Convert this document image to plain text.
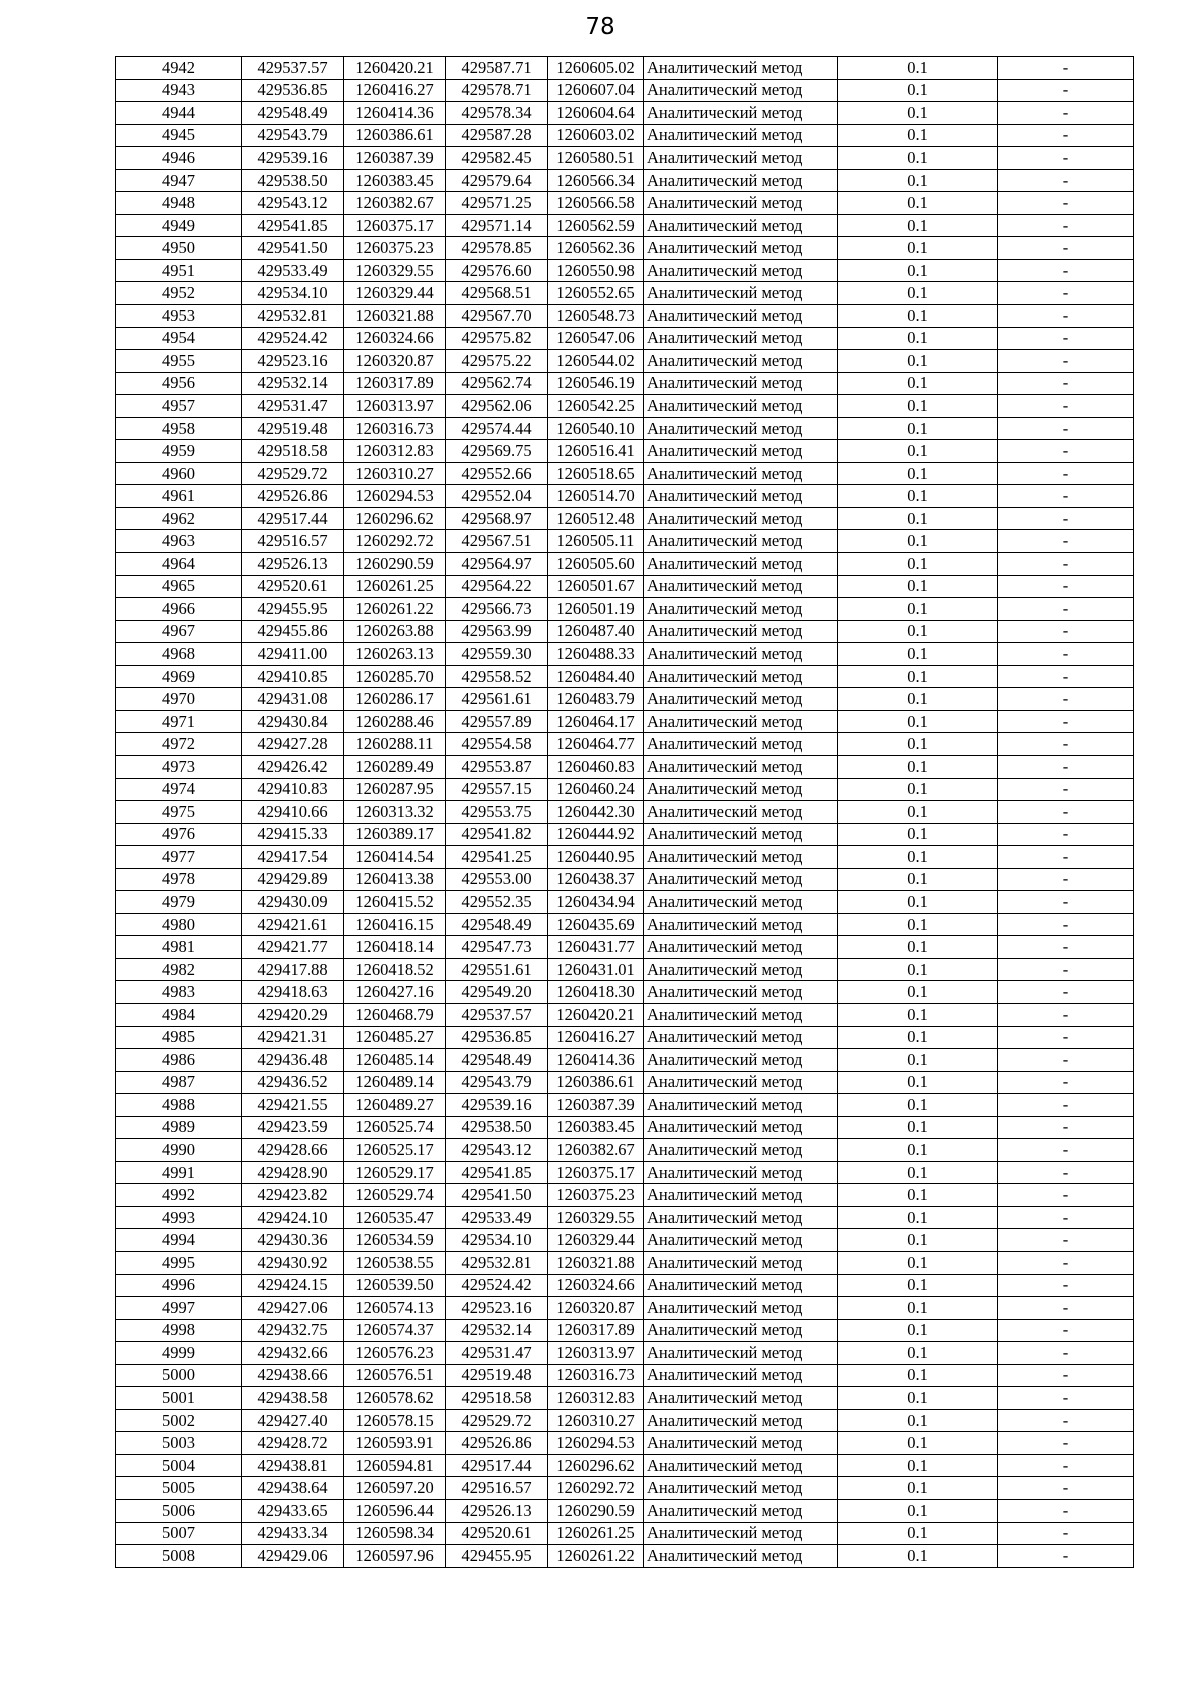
78
4942	429537.57	1260420.21	429587.71	1260605.02	Аналитический метод	0.1	-
4943	429536.85	1260416.27	429578.71	1260607.04	Аналитический метод	0.1	-
4944	429548.49	1260414.36	429578.34	1260604.64	Аналитический метод	0.1	-
4945	429543.79	1260386.61	429587.28	1260603.02	Аналитический метод	0.1	-
4946	429539.16	1260387.39	429582.45	1260580.51	Аналитический метод	0.1	-
4947	429538.50	1260383.45	429579.64	1260566.34	Аналитический метод	0.1	-
4948	429543.12	1260382.67	429571.25	1260566.58	Аналитический метод	0.1	-
4949	429541.85	1260375.17	429571.14	1260562.59	Аналитический метод	0.1	-
4950	429541.50	1260375.23	429578.85	1260562.36	Аналитический метод	0.1	-
4951	429533.49	1260329.55	429576.60	1260550.98	Аналитический метод	0.1	-
4952	429534.10	1260329.44	429568.51	1260552.65	Аналитический метод	0.1	-
4953	429532.81	1260321.88	429567.70	1260548.73	Аналитический метод	0.1	-
4954	429524.42	1260324.66	429575.82	1260547.06	Аналитический метод	0.1	-
4955	429523.16	1260320.87	429575.22	1260544.02	Аналитический метод	0.1	-
4956	429532.14	1260317.89	429562.74	1260546.19	Аналитический метод	0.1	-
4957	429531.47	1260313.97	429562.06	1260542.25	Аналитический метод	0.1	-
4958	429519.48	1260316.73	429574.44	1260540.10	Аналитический метод	0.1	-
4959	429518.58	1260312.83	429569.75	1260516.41	Аналитический метод	0.1	-
4960	429529.72	1260310.27	429552.66	1260518.65	Аналитический метод	0.1	-
4961	429526.86	1260294.53	429552.04	1260514.70	Аналитический метод	0.1	-
4962	429517.44	1260296.62	429568.97	1260512.48	Аналитический метод	0.1	-
4963	429516.57	1260292.72	429567.51	1260505.11	Аналитический метод	0.1	-
4964	429526.13	1260290.59	429564.97	1260505.60	Аналитический метод	0.1	-
4965	429520.61	1260261.25	429564.22	1260501.67	Аналитический метод	0.1	-
4966	429455.95	1260261.22	429566.73	1260501.19	Аналитический метод	0.1	-
4967	429455.86	1260263.88	429563.99	1260487.40	Аналитический метод	0.1	-
4968	429411.00	1260263.13	429559.30	1260488.33	Аналитический метод	0.1	-
4969	429410.85	1260285.70	429558.52	1260484.40	Аналитический метод	0.1	-
4970	429431.08	1260286.17	429561.61	1260483.79	Аналитический метод	0.1	-
4971	429430.84	1260288.46	429557.89	1260464.17	Аналитический метод	0.1	-
4972	429427.28	1260288.11	429554.58	1260464.77	Аналитический метод	0.1	-
4973	429426.42	1260289.49	429553.87	1260460.83	Аналитический метод	0.1	-
4974	429410.83	1260287.95	429557.15	1260460.24	Аналитический метод	0.1	-
4975	429410.66	1260313.32	429553.75	1260442.30	Аналитический метод	0.1	-
4976	429415.33	1260389.17	429541.82	1260444.92	Аналитический метод	0.1	-
4977	429417.54	1260414.54	429541.25	1260440.95	Аналитический метод	0.1	-
4978	429429.89	1260413.38	429553.00	1260438.37	Аналитический метод	0.1	-
4979	429430.09	1260415.52	429552.35	1260434.94	Аналитический метод	0.1	-
4980	429421.61	1260416.15	429548.49	1260435.69	Аналитический метод	0.1	-
4981	429421.77	1260418.14	429547.73	1260431.77	Аналитический метод	0.1	-
4982	429417.88	1260418.52	429551.61	1260431.01	Аналитический метод	0.1	-
4983	429418.63	1260427.16	429549.20	1260418.30	Аналитический метод	0.1	-
4984	429420.29	1260468.79	429537.57	1260420.21	Аналитический метод	0.1	-
4985	429421.31	1260485.27	429536.85	1260416.27	Аналитический метод	0.1	-
4986	429436.48	1260485.14	429548.49	1260414.36	Аналитический метод	0.1	-
4987	429436.52	1260489.14	429543.79	1260386.61	Аналитический метод	0.1	-
4988	429421.55	1260489.27	429539.16	1260387.39	Аналитический метод	0.1	-
4989	429423.59	1260525.74	429538.50	1260383.45	Аналитический метод	0.1	-
4990	429428.66	1260525.17	429543.12	1260382.67	Аналитический метод	0.1	-
4991	429428.90	1260529.17	429541.85	1260375.17	Аналитический метод	0.1	-
4992	429423.82	1260529.74	429541.50	1260375.23	Аналитический метод	0.1	-
4993	429424.10	1260535.47	429533.49	1260329.55	Аналитический метод	0.1	-
4994	429430.36	1260534.59	429534.10	1260329.44	Аналитический метод	0.1	-
4995	429430.92	1260538.55	429532.81	1260321.88	Аналитический метод	0.1	-
4996	429424.15	1260539.50	429524.42	1260324.66	Аналитический метод	0.1	-
4997	429427.06	1260574.13	429523.16	1260320.87	Аналитический метод	0.1	-
4998	429432.75	1260574.37	429532.14	1260317.89	Аналитический метод	0.1	-
4999	429432.66	1260576.23	429531.47	1260313.97	Аналитический метод	0.1	-
5000	429438.66	1260576.51	429519.48	1260316.73	Аналитический метод	0.1	-
5001	429438.58	1260578.62	429518.58	1260312.83	Аналитический метод	0.1	-
5002	429427.40	1260578.15	429529.72	1260310.27	Аналитический метод	0.1	-
5003	429428.72	1260593.91	429526.86	1260294.53	Аналитический метод	0.1	-
5004	429438.81	1260594.81	429517.44	1260296.62	Аналитический метод	0.1	-
5005	429438.64	1260597.20	429516.57	1260292.72	Аналитический метод	0.1	-
5006	429433.65	1260596.44	429526.13	1260290.59	Аналитический метод	0.1	-
5007	429433.34	1260598.34	429520.61	1260261.25	Аналитический метод	0.1	-
5008	429429.06	1260597.96	429455.95	1260261.22	Аналитический метод	0.1	-
